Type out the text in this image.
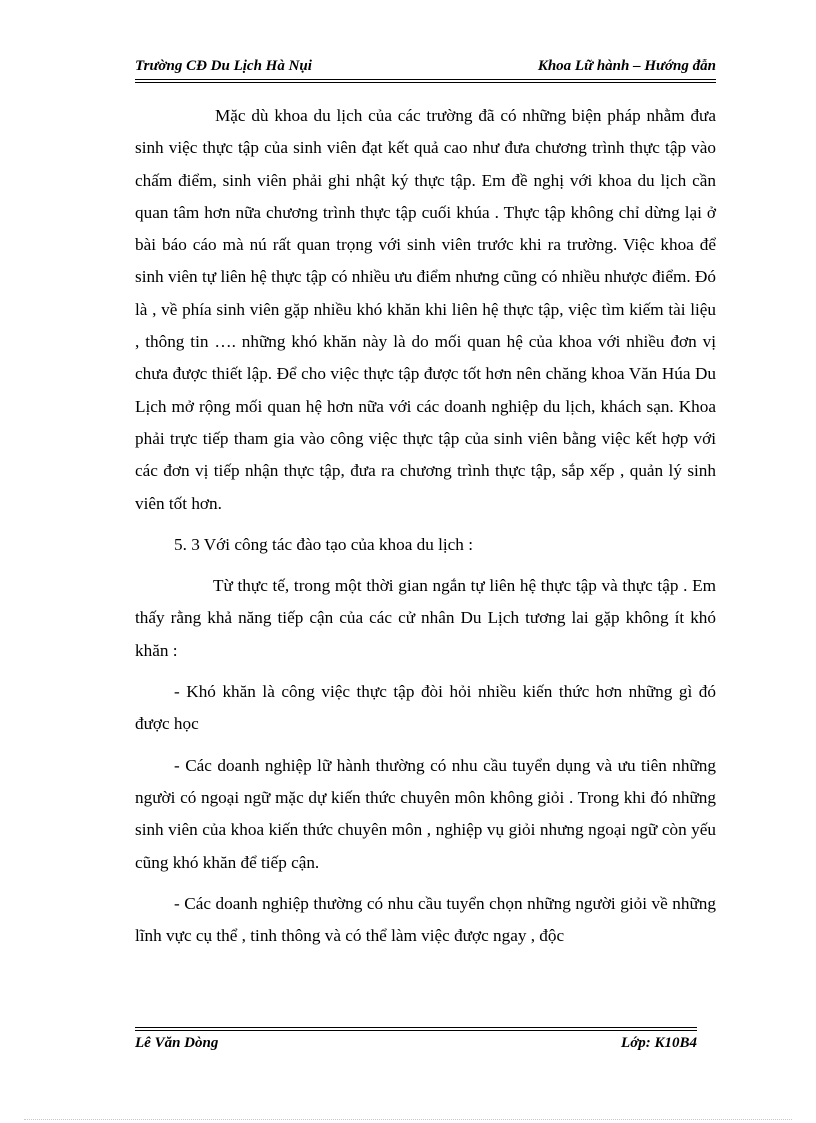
Trường CĐ Du Lịch Hà Nụi	Khoa Lữ hành – Hướng đẫn

Mặc dù khoa du lịch của các trường đã có những biện pháp nhằm đưa sinh việc thực tập của sinh viên đạt kết quả cao như đưa chương trình thực tập vào chấm điểm, sinh viên phải ghi nhật ký thực tập. Em đề nghị với khoa du lịch cần quan tâm hơn nữa chương trình thực tập cuối khúa . Thực tập không chỉ dừng lại ở bài báo cáo mà nú rất quan trọng với sinh viên trước khi ra trường. Việc khoa để sinh viên tự liên hệ thực tập có nhiều ưu điểm nhưng cũng có nhiều nhược điểm. Đó là , về phía sinh viên gặp nhiều khó khăn khi liên hệ thực tập, việc tìm kiếm tài liệu , thông tin …. những khó khăn này là do mối quan hệ của khoa với nhiều đơn vị chưa được thiết lập. Để cho việc thực tập được tốt hơn nên chăng khoa Văn Húa Du Lịch mở rộng mối quan hệ hơn nữa với các doanh nghiệp du lịch, khách sạn. Khoa phải trực tiếp tham gia vào công việc thực tập của sinh viên bằng việc kết hợp với các đơn vị tiếp nhận thực tập, đưa ra chương trình thực tập, sắp xếp , quản lý sinh viên tốt hơn.

5. 3 Với công tác đào tạo của khoa du lịch :

Từ thực tế, trong một thời gian ngắn tự liên hệ thực tập và thực tập . Em thấy rằng khả năng tiếp cận của các cử nhân Du Lịch tương lai gặp không ít khó khăn :

- Khó khăn là công việc thực tập đòi hỏi nhiều kiến thức hơn những gì đó được học

- Các doanh nghiệp lữ hành thường có nhu cầu tuyển dụng và ưu tiên những người có ngoại ngữ mặc dự kiến thức chuyên môn không giỏi . Trong khi đó những sinh viên của khoa kiến thức chuyên môn , nghiệp vụ giỏi nhưng ngoại ngữ còn yếu cũng khó khăn để tiếp cận.

- Các doanh nghiệp thường có nhu cầu tuyển chọn những người giỏi về những lĩnh vực cụ thể , tinh thông và có thể làm việc được ngay , độc

Lê Văn Dòng	Lớp: K10B4
